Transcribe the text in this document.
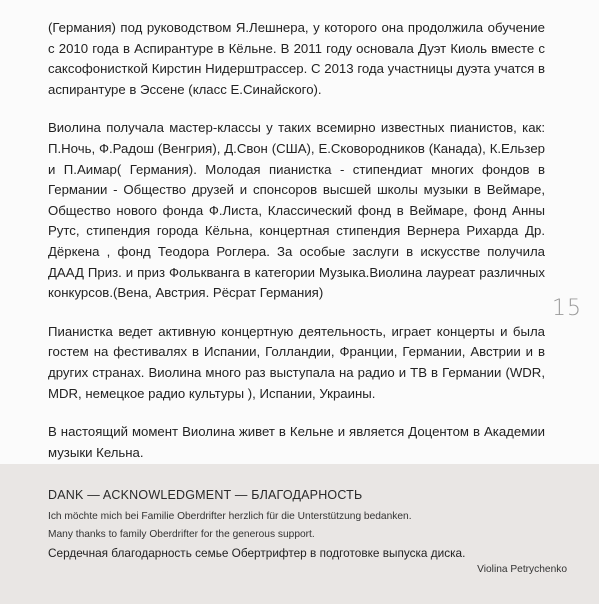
(Германия) под руководством Я.Лешнера, у которого она продолжила обучение с 2010 года в Аспирантуре в Кёльне. В 2011 году основала Дуэт Киоль вместе с саксофонисткой Кирстин Нидерштрассер. С 2013 года участницы дуэта учатся в аспирантуре в Эссене (класс Е.Синайского).

Виолина получала мастер-классы у таких всемирно известных пианистов, как: П.Ночь, Ф.Радош (Венгрия), Д.Свон (США), Е.Сковородников (Канада), К.Ельзер и П.Аимар( Германия). Молодая пианистка - стипендиат многих фондов в Германии - Общество друзей и спонсоров высшей школы музыки в Веймаре, Общество нового фонда Ф.Листа, Классический фонд в Веймаре, фонд Анны Рутс, стипендия города Кёльна, концертная стипендия Вернера Рихарда Др. Дёркена , фонд Теодора Роглера. За особые заслуги в искусстве получила ДААД Приз. и приз Фолькванга в категории Музыка.Виолина лауреат различных конкурсов.(Вена, Австрия. Рёсрат Германия)

Пианистка ведет активную концертную деятельность, играет концерты и была гостем на фестивалях в Испании, Голландии, Франции, Германии, Австрии и в других странах. Виолина много раз выступала на радио и ТВ в Германии (WDR, MDR, немецкое радио культуры ), Испании, Украины.

В настоящий момент Виолина живет в Кельне и является Доцентом в Академии музыки Кельна.

15
DANK — ACKNOWLEDGMENT — БЛАГОДАРНОСТЬ
Ich möchte mich bei Familie Oberdrifter herzlich für die Unterstützung bedanken.
Many thanks to family Oberdrifter for the generous support.
Сердечная благодарность семье Обертрифтер в подготовке выпуска диска.
Violina Petrychenko
